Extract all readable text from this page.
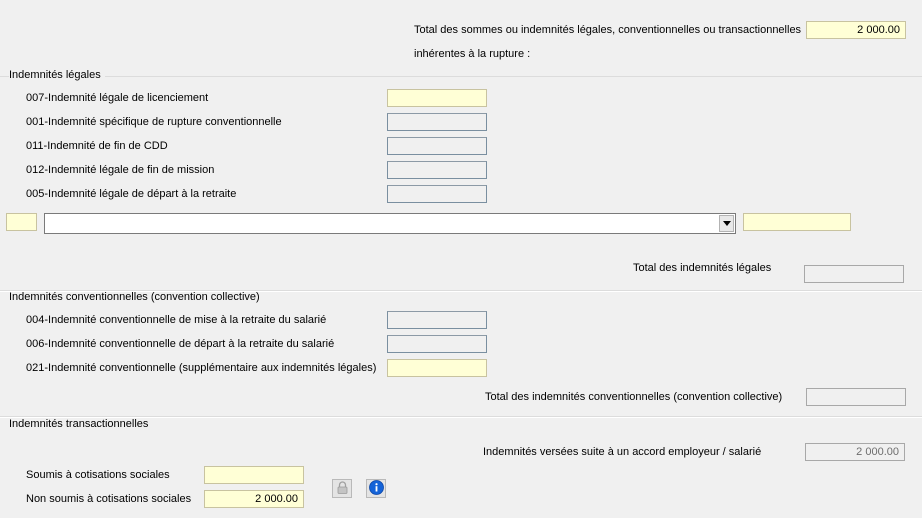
Total des sommes ou indemnités légales, conventionnelles ou transactionnelles
inhérentes à la rupture :
2 000.00
Indemnités légales
007-Indemnité légale de licenciement
001-Indemnité spécifique de rupture conventionnelle
011-Indemnité de fin de CDD
012-Indemnité légale de fin de mission
005-Indemnité légale de départ à la retraite
Total des indemnités légales
Indemnités conventionnelles (convention collective)
004-Indemnité conventionnelle de mise à la retraite du salarié
006-Indemnité conventionnelle de départ à la retraite du salarié
021-Indemnité conventionnelle (supplémentaire aux indemnités légales)
Total des indemnités conventionnelles (convention collective)
Indemnités transactionnelles
Indemnités versées suite à un accord employeur / salarié	2 000.00
Soumis à cotisations sociales
Non soumis à cotisations sociales	2 000.00
